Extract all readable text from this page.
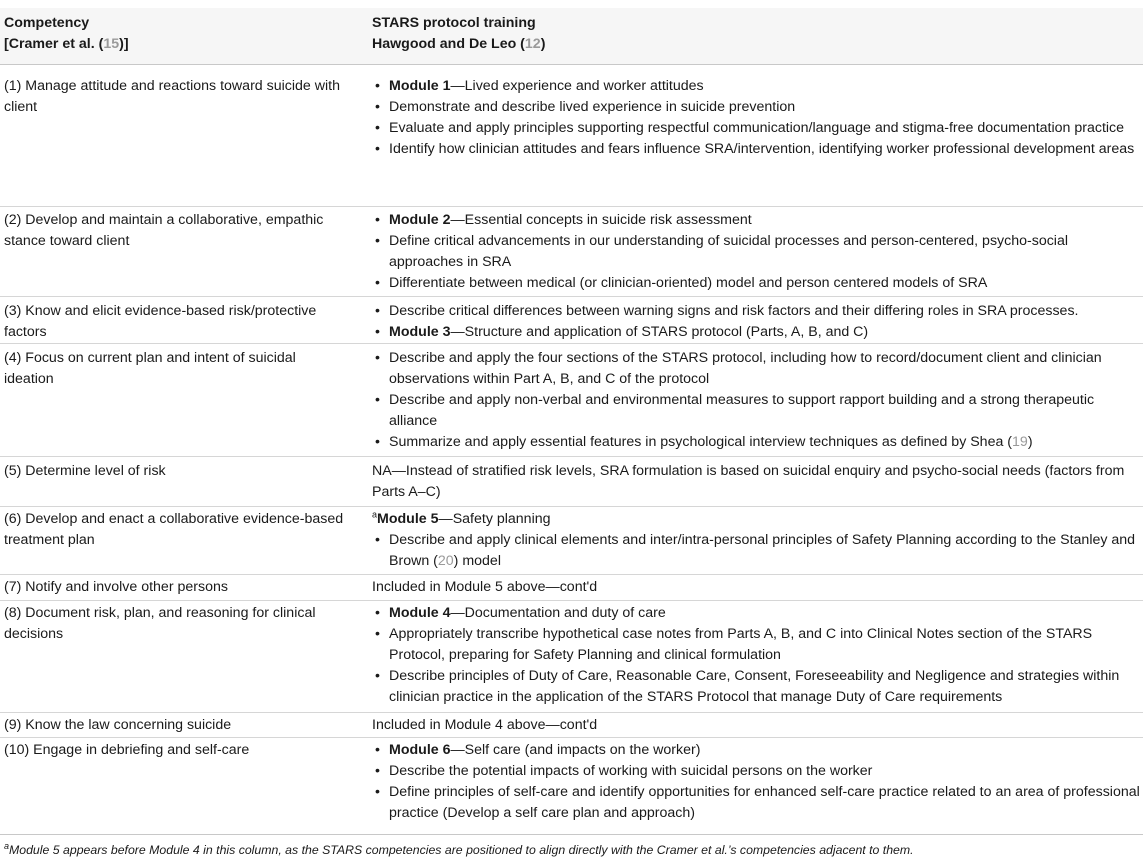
Competency
[Cramer et al. (15)]
STARS protocol training
Hawgood and De Leo (12)
(1) Manage attitude and reactions toward suicide with client
• Module 1—Lived experience and worker attitudes
• Demonstrate and describe lived experience in suicide prevention
• Evaluate and apply principles supporting respectful communication/language and stigma-free documentation practice
• Identify how clinician attitudes and fears influence SRA/intervention, identifying worker professional development areas
(2) Develop and maintain a collaborative, empathic stance toward client
• Module 2—Essential concepts in suicide risk assessment
• Define critical advancements in our understanding of suicidal processes and person-centered, psycho-social approaches in SRA
• Differentiate between medical (or clinician-oriented) model and person centered models of SRA
(3) Know and elicit evidence-based risk/protective factors
• Describe critical differences between warning signs and risk factors and their differing roles in SRA processes.
• Module 3—Structure and application of STARS protocol (Parts, A, B, and C)
(4) Focus on current plan and intent of suicidal ideation
• Describe and apply the four sections of the STARS protocol, including how to record/document client and clinician observations within Part A, B, and C of the protocol
• Describe and apply non-verbal and environmental measures to support rapport building and a strong therapeutic alliance
• Summarize and apply essential features in psychological interview techniques as defined by Shea (19)
(5) Determine level of risk	NA—Instead of stratified risk levels, SRA formulation is based on suicidal enquiry and psycho-social needs (factors from Parts A–C)
(6) Develop and enact a collaborative evidence-based treatment plan
$^a$Module 5—Safety planning
• Describe and apply clinical elements and inter/intra-personal principles of Safety Planning according to the Stanley and Brown (20) model
(7) Notify and involve other persons	Included in Module 5 above—cont'd
(8) Document risk, plan, and reasoning for clinical decisions
• Module 4—Documentation and duty of care
• Appropriately transcribe hypothetical case notes from Parts A, B, and C into Clinical Notes section of the STARS Protocol, preparing for Safety Planning and clinical formulation
• Describe principles of Duty of Care, Reasonable Care, Consent, Foreseeability and Negligence and strategies within clinician practice in the application of the STARS Protocol that manage Duty of Care requirements
(9) Know the law concerning suicide	Included in Module 4 above—cont'd
(10) Engage in debriefing and self-care
•	Module 6—Self care (and impacts on the worker)
• Describe the potential impacts of working with suicidal persons on the worker
• Define principles of self-care and identify opportunities for enhanced self-care practice related to an area of professional practice (Develop a self care plan and approach)
$^a$Module 5 appears before Module 4 in this column, as the STARS competencies are positioned to align directly with the Cramer et al.’s competencies adjacent to them.
